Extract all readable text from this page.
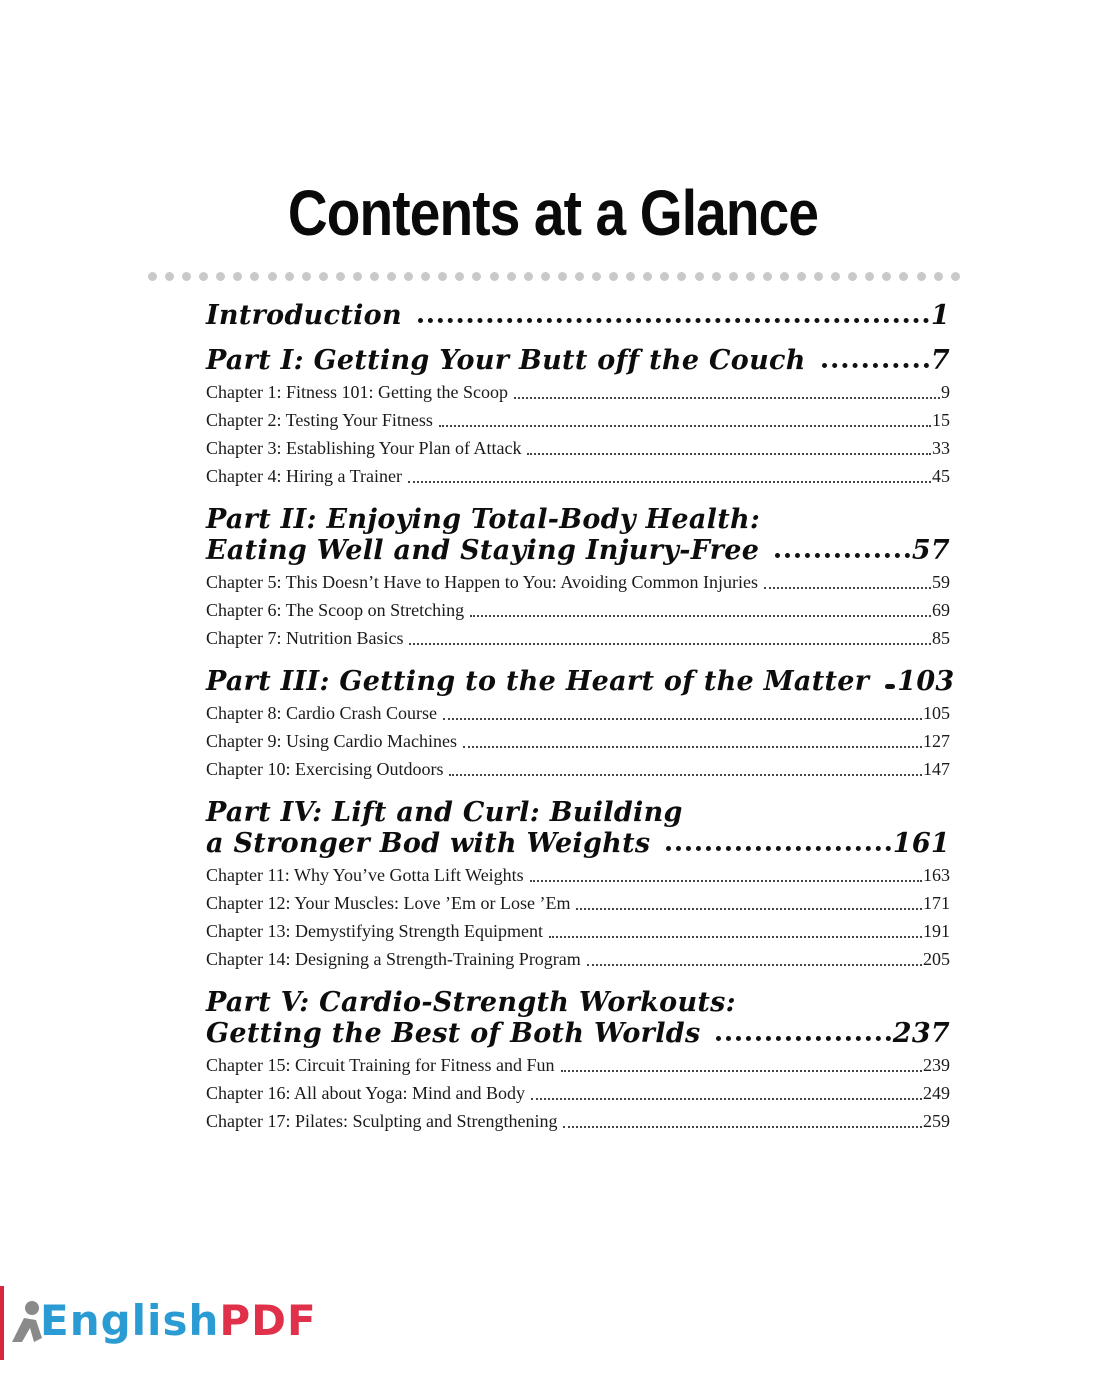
Contents at a Glance
Introduction	1
Part I: Getting Your Butt off the Couch	7
Chapter 1: Fitness 101: Getting the Scoop	9
Chapter 2: Testing Your Fitness	15
Chapter 3: Establishing Your Plan of Attack	33
Chapter 4: Hiring a Trainer	45
Part II: Enjoying Total-Body Health:
Eating Well and Staying Injury-Free	57
Chapter 5: This Doesn’t Have to Happen to You: Avoiding Common Injuries	59
Chapter 6: The Scoop on Stretching	69
Chapter 7: Nutrition Basics	85
Part III: Getting to the Heart of the Matter 103
Chapter 8: Cardio Crash Course	105
Chapter 9: Using Cardio Machines	127
Chapter 10: Exercising Outdoors	147
Part IV: Lift and Curl: Building
a Stronger Bod with Weights	161
Chapter 11: Why You’ve Gotta Lift Weights	163
Chapter 12: Your Muscles: Love ’Em or Lose ’Em	171
Chapter 13: Demystifying Strength Equipment	191
Chapter 14: Designing a Strength-Training Program	205
Part V: Cardio-Strength Workouts:
Getting the Best of Both Worlds	237
Chapter 15: Circuit Training for Fitness and Fun	239
Chapter 16: All about Yoga: Mind and Body	249
Chapter 17: Pilates: Sculpting and Strengthening	259
EnglishPDF
